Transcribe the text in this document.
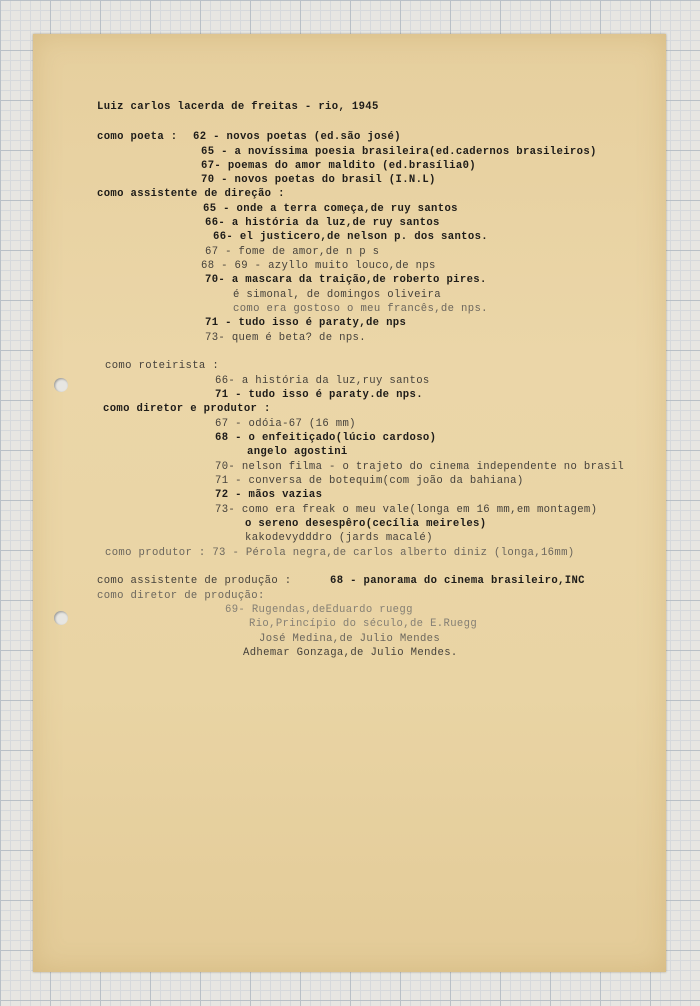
Luiz carlos lacerda de freitas - rio, 1945
como poeta : 62 - novos poetas (ed.são josé)
65 - a novíssima poesia brasileira(ed.cadernos brasileiros)
67- poemas do amor maldito (ed.brasília0)
70 - novos poetas do brasil (I.N.L)
como assistente de direção :
65 - onde a terra começa,de ruy santos
66- a história da luz,de ruy santos
66- el justicero,de nelson p. dos santos.
67 - fome de amor,de n p s
68 - 69 - azyllo muito louco,de nps
70- a mascara da traição,de roberto pires.
é simonal, de domingos oliveira
como era gostoso o meu francês,de nps.
71 - tudo isso é paraty,de nps
73- quem é beta? de nps.
como roteirista :
66- a história da luz,ruy santos
71 - tudo isso é paraty.de nps.
como diretor e produtor :
67 - odóia-67 (16 mm)
68 - o enfeitiçado(lúcio cardoso)
angelo agostini
70- nelson filma - o trajeto do cinema independente no brasil
71 - conversa de botequim(com joão da bahiana)
72 - mãos vazias
73- como era freak o meu vale(longa em 16 mm,em montagem)
o sereno desespêro(cecília meireles)
kakodevydddro (jards macalé)
como produtor : 73 - Pérola negra,de carlos alberto diniz (longa,16mm)
como assistente de produção :	68 - panorama do cinema brasileiro,INC
como diretor de produção:
69- Rugendas,deEduardo ruegg
Rio,Princípio do século,de E.Ruegg
José Medina,de Julio Mendes
Adhemar Gonzaga,de Julio Mendes.
